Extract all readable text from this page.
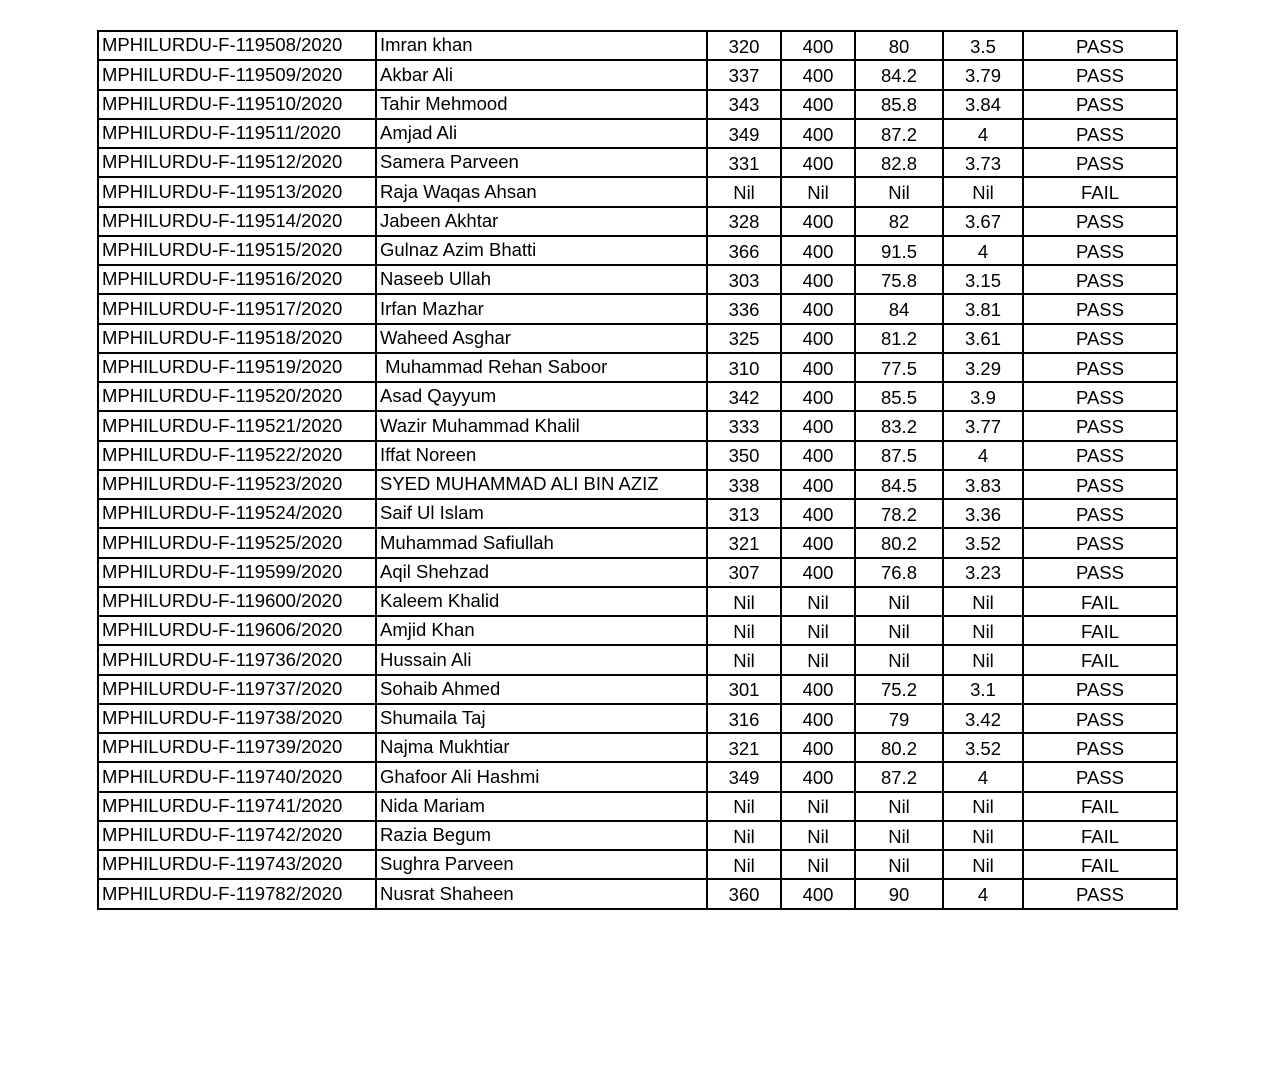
MPHILURDU-F-119508/2020	Imran khan	320	400	80	3.5	PASS
MPHILURDU-F-119509/2020	Akbar Ali	337	400	84.2	3.79	PASS
MPHILURDU-F-119510/2020	Tahir Mehmood	343	400	85.8	3.84	PASS
MPHILURDU-F-119511/2020	Amjad Ali	349	400	87.2	4	PASS
MPHILURDU-F-119512/2020	Samera Parveen	331	400	82.8	3.73	PASS
MPHILURDU-F-119513/2020	Raja Waqas Ahsan	Nil	Nil	Nil	Nil	FAIL
MPHILURDU-F-119514/2020	Jabeen Akhtar	328	400	82	3.67	PASS
MPHILURDU-F-119515/2020	Gulnaz Azim Bhatti	366	400	91.5	4	PASS
MPHILURDU-F-119516/2020	Naseeb Ullah	303	400	75.8	3.15	PASS
MPHILURDU-F-119517/2020	Irfan Mazhar	336	400	84	3.81	PASS
MPHILURDU-F-119518/2020	Waheed Asghar	325	400	81.2	3.61	PASS
MPHILURDU-F-119519/2020	Muhammad Rehan Saboor	310	400	77.5	3.29	PASS
MPHILURDU-F-119520/2020	Asad Qayyum	342	400	85.5	3.9	PASS
MPHILURDU-F-119521/2020	Wazir Muhammad Khalil	333	400	83.2	3.77	PASS
MPHILURDU-F-119522/2020	Iffat Noreen	350	400	87.5	4	PASS
MPHILURDU-F-119523/2020	SYED MUHAMMAD ALI BIN AZIZ	338	400	84.5	3.83	PASS
MPHILURDU-F-119524/2020	Saif Ul Islam	313	400	78.2	3.36	PASS
MPHILURDU-F-119525/2020	Muhammad Safiullah	321	400	80.2	3.52	PASS
MPHILURDU-F-119599/2020	Aqil Shehzad	307	400	76.8	3.23	PASS
MPHILURDU-F-119600/2020	Kaleem Khalid	Nil	Nil	Nil	Nil	FAIL
MPHILURDU-F-119606/2020	Amjid Khan	Nil	Nil	Nil	Nil	FAIL
MPHILURDU-F-119736/2020	Hussain Ali	Nil	Nil	Nil	Nil	FAIL
MPHILURDU-F-119737/2020	Sohaib Ahmed	301	400	75.2	3.1	PASS
MPHILURDU-F-119738/2020	Shumaila Taj	316	400	79	3.42	PASS
MPHILURDU-F-119739/2020	Najma Mukhtiar	321	400	80.2	3.52	PASS
MPHILURDU-F-119740/2020	Ghafoor Ali Hashmi	349	400	87.2	4	PASS
MPHILURDU-F-119741/2020	Nida Mariam	Nil	Nil	Nil	Nil	FAIL
MPHILURDU-F-119742/2020	Razia Begum	Nil	Nil	Nil	Nil	FAIL
MPHILURDU-F-119743/2020	Sughra Parveen	Nil	Nil	Nil	Nil	FAIL
MPHILURDU-F-119782/2020	Nusrat Shaheen	360	400	90	4	PASS
